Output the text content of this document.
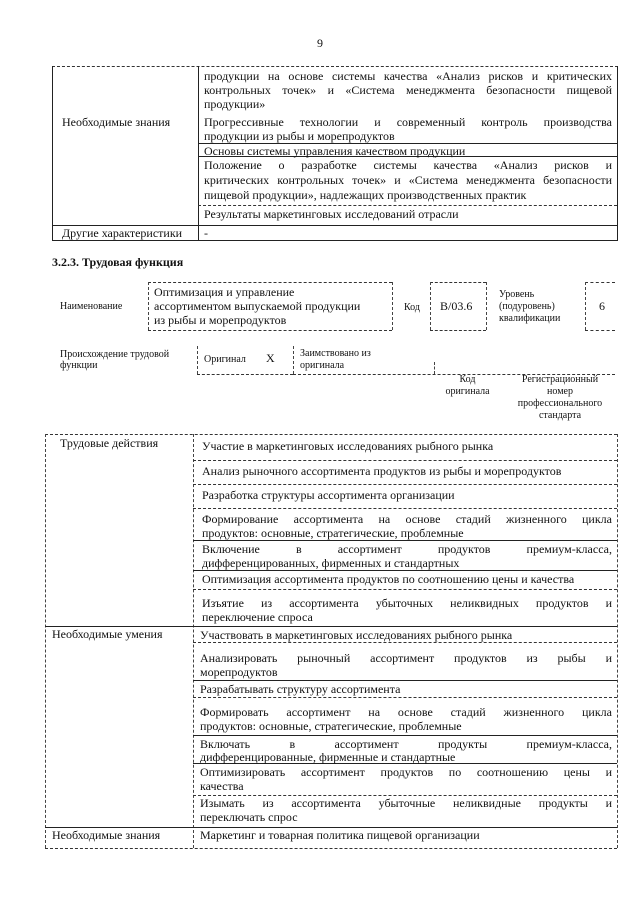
9
Необходимые знания
Другие характеристики -
продукции на основе системы качества «Анализ рисков и критических
контрольных точек» и «Система менеджмента безопасности пищевой
продукции»
Прогрессивные технологии и современный контроль производства
продукции из рыбы и морепродуктов
Основы системы управления качеством продукции
Положение о разработке системы качества «Анализ рисков и
критических контрольных точек» и «Система менеджмента безопасности
пищевой продукции», надлежащих производственных практик
Результаты маркетинговых исследований отрасли
3.2.3. Трудовая функция
Наименование
Оптимизация и управление
ассортиментом выпускаемой продукции
из рыбы и морепродуктов
Код B/03.6
Уровень
(подуровень)
квалификации
6
Происхождение трудовой
функции
Оригинал X	Заимствовано из
оригинала
Код
оригинала
Регистрационный
номер
профессионального
стандарта
Трудовые действия
Необходимые умения
Необходимые знания
Участие в маркетинговых исследованиях рыбного рынка
Анализ рыночного ассортимента продуктов из рыбы и морепродуктов
Разработка структуры ассортимента организации
Формирование ассортимента на основе стадий жизненного цикла
продуктов: основные, стратегические, проблемные
Включение в ассортимент продуктов премиум-класса,
дифференцированных, фирменных и стандартных
Оптимизация ассортимента продуктов по соотношению цены и качества
Изъятие из ассортимента убыточных неликвидных продуктов и
переключение спроса
Участвовать в маркетинговых исследованиях рыбного рынка
Анализировать рыночный ассортимент продуктов из рыбы и
морепродуктов
Разрабатывать структуру ассортимента
Формировать ассортимент на основе стадий жизненного цикла
продуктов: основные, стратегические, проблемные
Включать в ассортимент продукты премиум-класса,
дифференцированные, фирменные и стандартные
Оптимизировать ассортимент продуктов по соотношению цены и
качества
Изымать из ассортимента убыточные неликвидные продукты и
переключать спрос
Маркетинг и товарная политика пищевой организации
